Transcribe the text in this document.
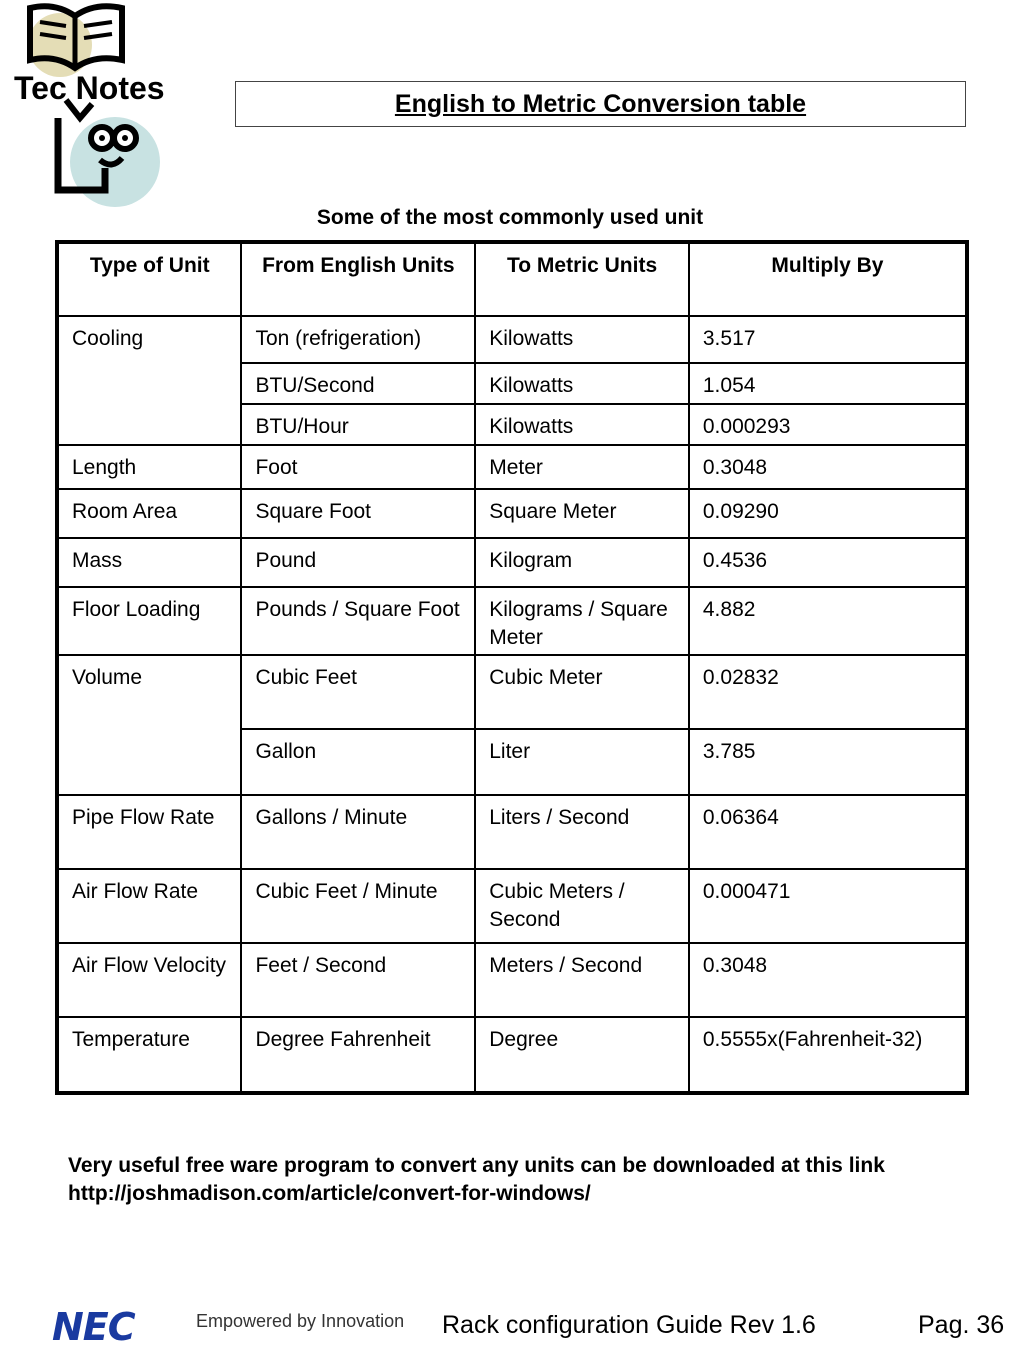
Tec Notes	English to Metric Conversion table
Some of the most commonly used unit
Type of Unit	From English Units	To Metric Units	Multiply By
Cooling	Ton (refrigeration)	Kilowatts	3.517
	BTU/Second	Kilowatts	1.054
	BTU/Hour	Kilowatts	0.000293
Length	Foot	Meter	0.3048
Room Area	Square Foot	Square Meter	0.09290
Mass	Pound	Kilogram	0.4536
Floor Loading	Pounds / Square Foot	Kilograms / Square Meter	4.882
Volume	Cubic Feet	Cubic Meter	0.02832
	Gallon	Liter	3.785
Pipe Flow Rate	Gallons / Minute	Liters / Second	0.06364
Air Flow Rate	Cubic Feet / Minute	Cubic Meters / Second	0.000471
Air Flow Velocity	Feet / Second	Meters / Second	0.3048
Temperature	Degree Fahrenheit	Degree	0.5555x(Fahrenheit-32)
Very useful free ware program to convert any units can be downloaded at this link
http://joshmadison.com/article/convert-for-windows/
NEC	Empowered by Innovation Rack configuration Guide Rev 1.6	Pag. 36
